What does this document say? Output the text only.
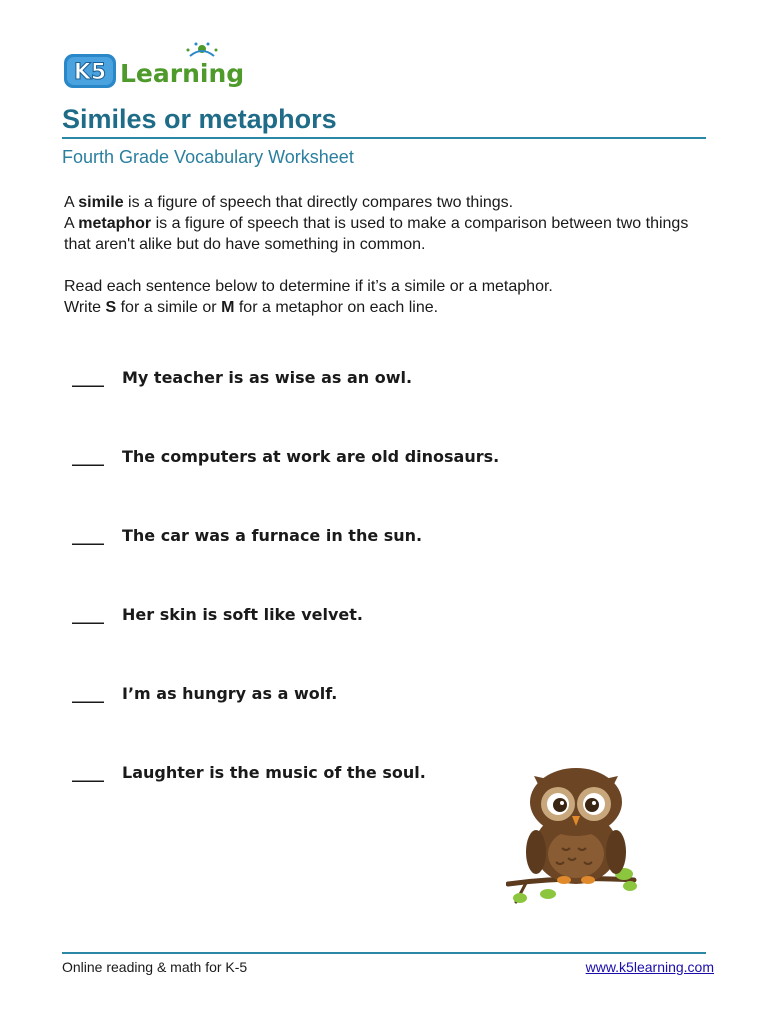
K5 Learning
Similes or metaphors
Fourth Grade Vocabulary Worksheet

A simile is a figure of speech that directly compares two things.

A metaphor is a figure of speech that is used to make a comparison between two things that aren't alike but do have something in common.

Read each sentence below to determine if it’s a simile or a metaphor.

Write S for a simile or M for a metaphor on each line.

____ My teacher is as wise as an owl.
____ The computers at work are old dinosaurs.
____ The car was a furnace in the sun.
____ Her skin is soft like velvet.
____ I’m as hungry as a wolf.
____ Laughter is the music of the soul.
Online reading & math for K-5	www.k5learning.com
